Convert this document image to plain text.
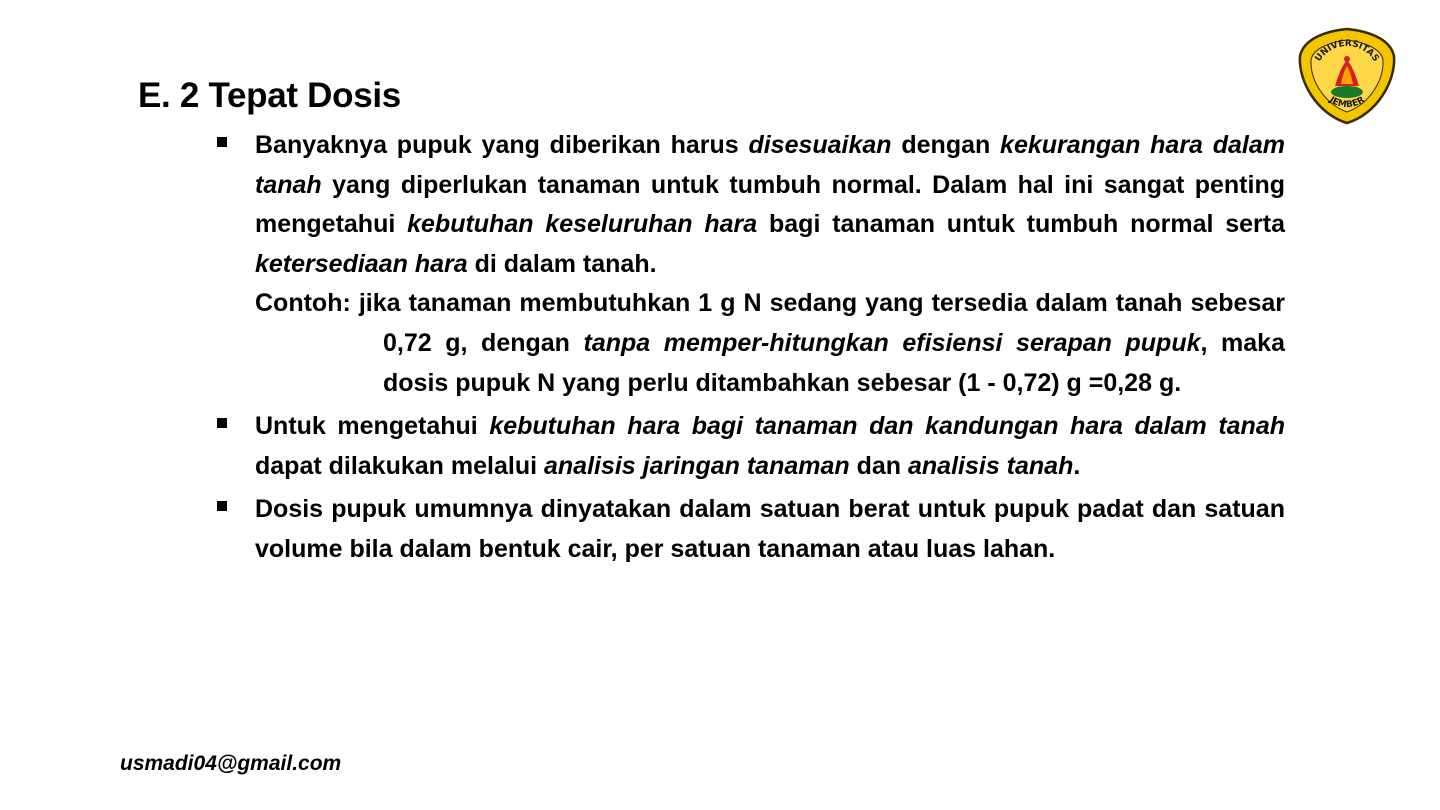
E. 2 Tepat Dosis
UNIVERSITAS
JEMBER
Banyaknya pupuk yang diberikan harus disesuaikan dengan kekurangan hara dalam tanah yang diperlukan tanaman untuk tumbuh normal. Dalam hal ini sangat penting mengetahui kebutuhan keseluruhan hara bagi tanaman untuk tumbuh normal serta ketersediaan hara di dalam tanah.
Contoh: jika tanaman membutuhkan 1 g N sedang yang tersedia dalam tanah sebesar 0,72 g, dengan tanpa memper-hitungkan efisiensi serapan pupuk, maka dosis pupuk N yang perlu ditambahkan sebesar (1 - 0,72) g =0,28 g.
Untuk mengetahui kebutuhan hara bagi tanaman dan kandungan hara dalam tanah dapat dilakukan melalui analisis jaringan tanaman dan analisis tanah.
Dosis pupuk umumnya dinyatakan dalam satuan berat untuk pupuk padat dan satuan volume bila dalam bentuk cair, per satuan tanaman atau luas lahan.
usmadi04@gmail.com
